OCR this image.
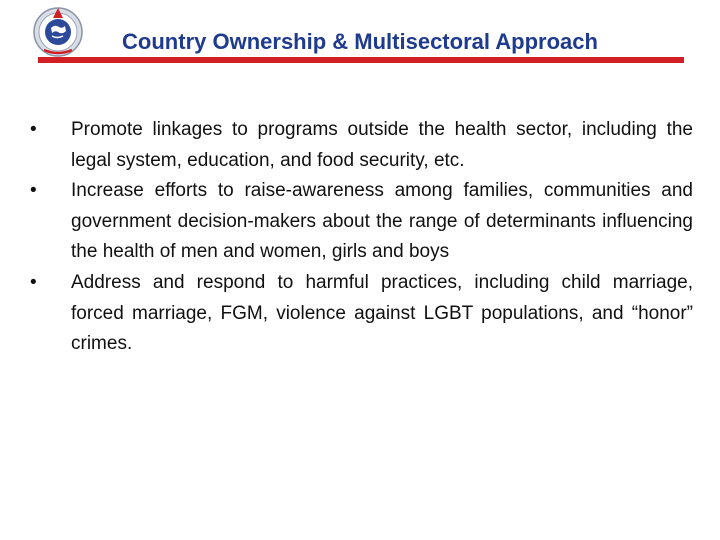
Country Ownership & Multisectoral Approach
•	Promote linkages to programs outside the health sector, including the legal system, education, and food security, etc.
•	Increase efforts to raise-awareness among families, communities and government decision-makers about the range of determinants influencing the health of men and women, girls and boys
•	Address and respond to harmful practices, including child marriage, forced marriage, FGM, violence against LGBT populations, and “honor” crimes.
